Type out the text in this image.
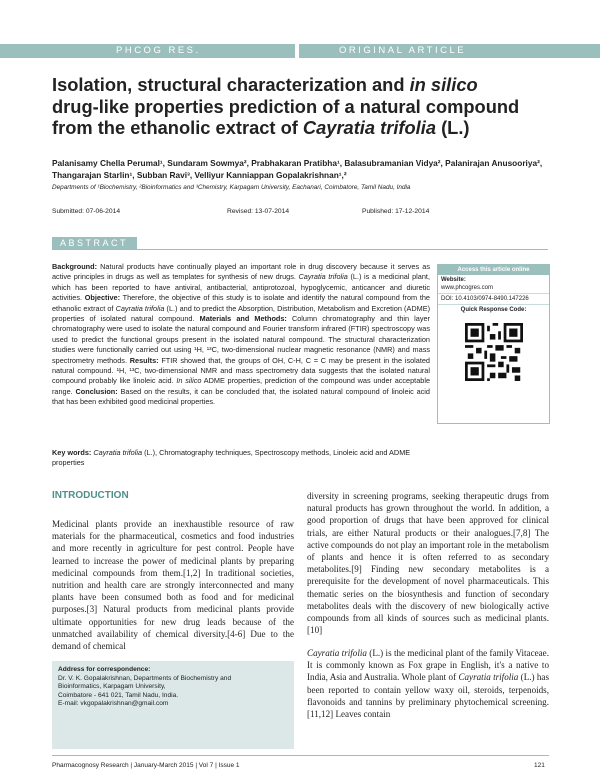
PHCOG RES.	ORIGINAL ARTICLE
Isolation, structural characterization and in silico
drug-like properties prediction of a natural compound
from the ethanolic extract of Cayratia trifolia (L.)
Palanisamy Chella Perumal¹, Sundaram Sowmya², Prabhakaran Pratibha¹, Balasubramanian Vidya², Palanirajan Anusooriya², Thangarajan Starlin¹, Subban Ravi³, Velliyur Kanniappan Gopalakrishnan¹,²
Departments of ¹Biochemistry, ²Bioinformatics and ³Chemistry, Karpagam University, Eachanari, Coimbatore, Tamil Nadu, India
Submitted: 07-06-2014	Revised: 13-07-2014	Published: 17-12-2014
ABSTRACT
Background: Natural products have continually played an important role in drug discovery because it serves as active principles in drugs as well as templates for synthesis of new drugs. Cayratia trifolia (L.) is a medicinal plant, which has been reported to have antiviral, antibacterial, antiprotozoal, hypoglycemic, anticancer and diuretic activities. Objective: Therefore, the objective of this study is to isolate and identify the natural compound from the ethanolic extract of Cayratia trifolia (L.) and to predict the Absorption, Distribution, Metabolism and Excretion (ADME) properties of isolated natural compound. Materials and Methods: Column chromatography and thin layer chromatography were used to isolate the natural compound and Fourier transform infrared (FTIR) spectroscopy was used to predict the functional groups present in the isolated natural compound. The structural characterization studies were functionally carried out using ¹H, ¹³C, two-dimensional nuclear magnetic resonance (NMR) and mass spectrometry methods. Results: FTIR showed that, the groups of OH, C-H, C = C may be present in the isolated natural compound. ¹H, ¹³C, two-dimensional NMR and mass spectrometry data suggests that the isolated natural compound probably like linoleic acid. In silico ADME properties, prediction of the compound was under acceptable range. Conclusion: Based on the results, it can be concluded that, the isolated natural compound of linoleic acid that has been exhibited good medicinal properties.
Key words: Cayratia trifolia (L.), Chromatography techniques, Spectroscopy methods, Linoleic acid and ADME properties
Access this article online
Website:
www.phcogres.com
DOI: 10.4103/0974-8490.147226
Quick Response Code:
INTRODUCTION
Medicinal plants provide an inexhaustible resource of raw materials for the pharmaceutical, cosmetics and food industries and more recently in agriculture for pest control. People have learned to increase the power of medicinal plants by preparing medicinal compounds from them.[1,2] In traditional societies, nutrition and health care are strongly interconnected and many plants have been consumed both as food and for medicinal purposes.[3] Natural products from medicinal plants provide ultimate opportunities for new drug leads because of the unmatched availability of chemical diversity.[4-6] Due to the demand of chemical
diversity in screening programs, seeking therapeutic drugs from natural products has grown throughout the world. In addition, a good proportion of drugs that have been approved for clinical trials, are either Natural products or their analogues.[7,8] The active compounds do not play an important role in the metabolism of plants and hence it is often referred to as secondary metabolites.[9] Finding new secondary metabolites is a prerequisite for the development of novel pharmaceuticals. This thematic series on the biosynthesis and function of secondary metabolites deals with the discovery of new biologically active compounds from all kinds of sources such as medicinal plants.[10]
Cayratia trifolia (L.) is the medicinal plant of the family Vitaceae. It is commonly known as Fox grape in English, it's a native to India, Asia and Australia. Whole plant of Cayratia trifolia (L.) has been reported to contain yellow waxy oil, steroids, terpenoids, flavonoids and tannins by preliminary phytochemical screening.[11,12] Leaves contain
Address for correspondence:
Dr. V. K. Gopalakrishnan, Departments of Biochemistry and
Bioinformatics, Karpagam University,
Coimbatore - 641 021, Tamil Nadu, India.
E-mail: vkgopalakrishnan@gmail.com
Pharmacognosy Research | January-March 2015 | Vol 7 | Issue 1	121
